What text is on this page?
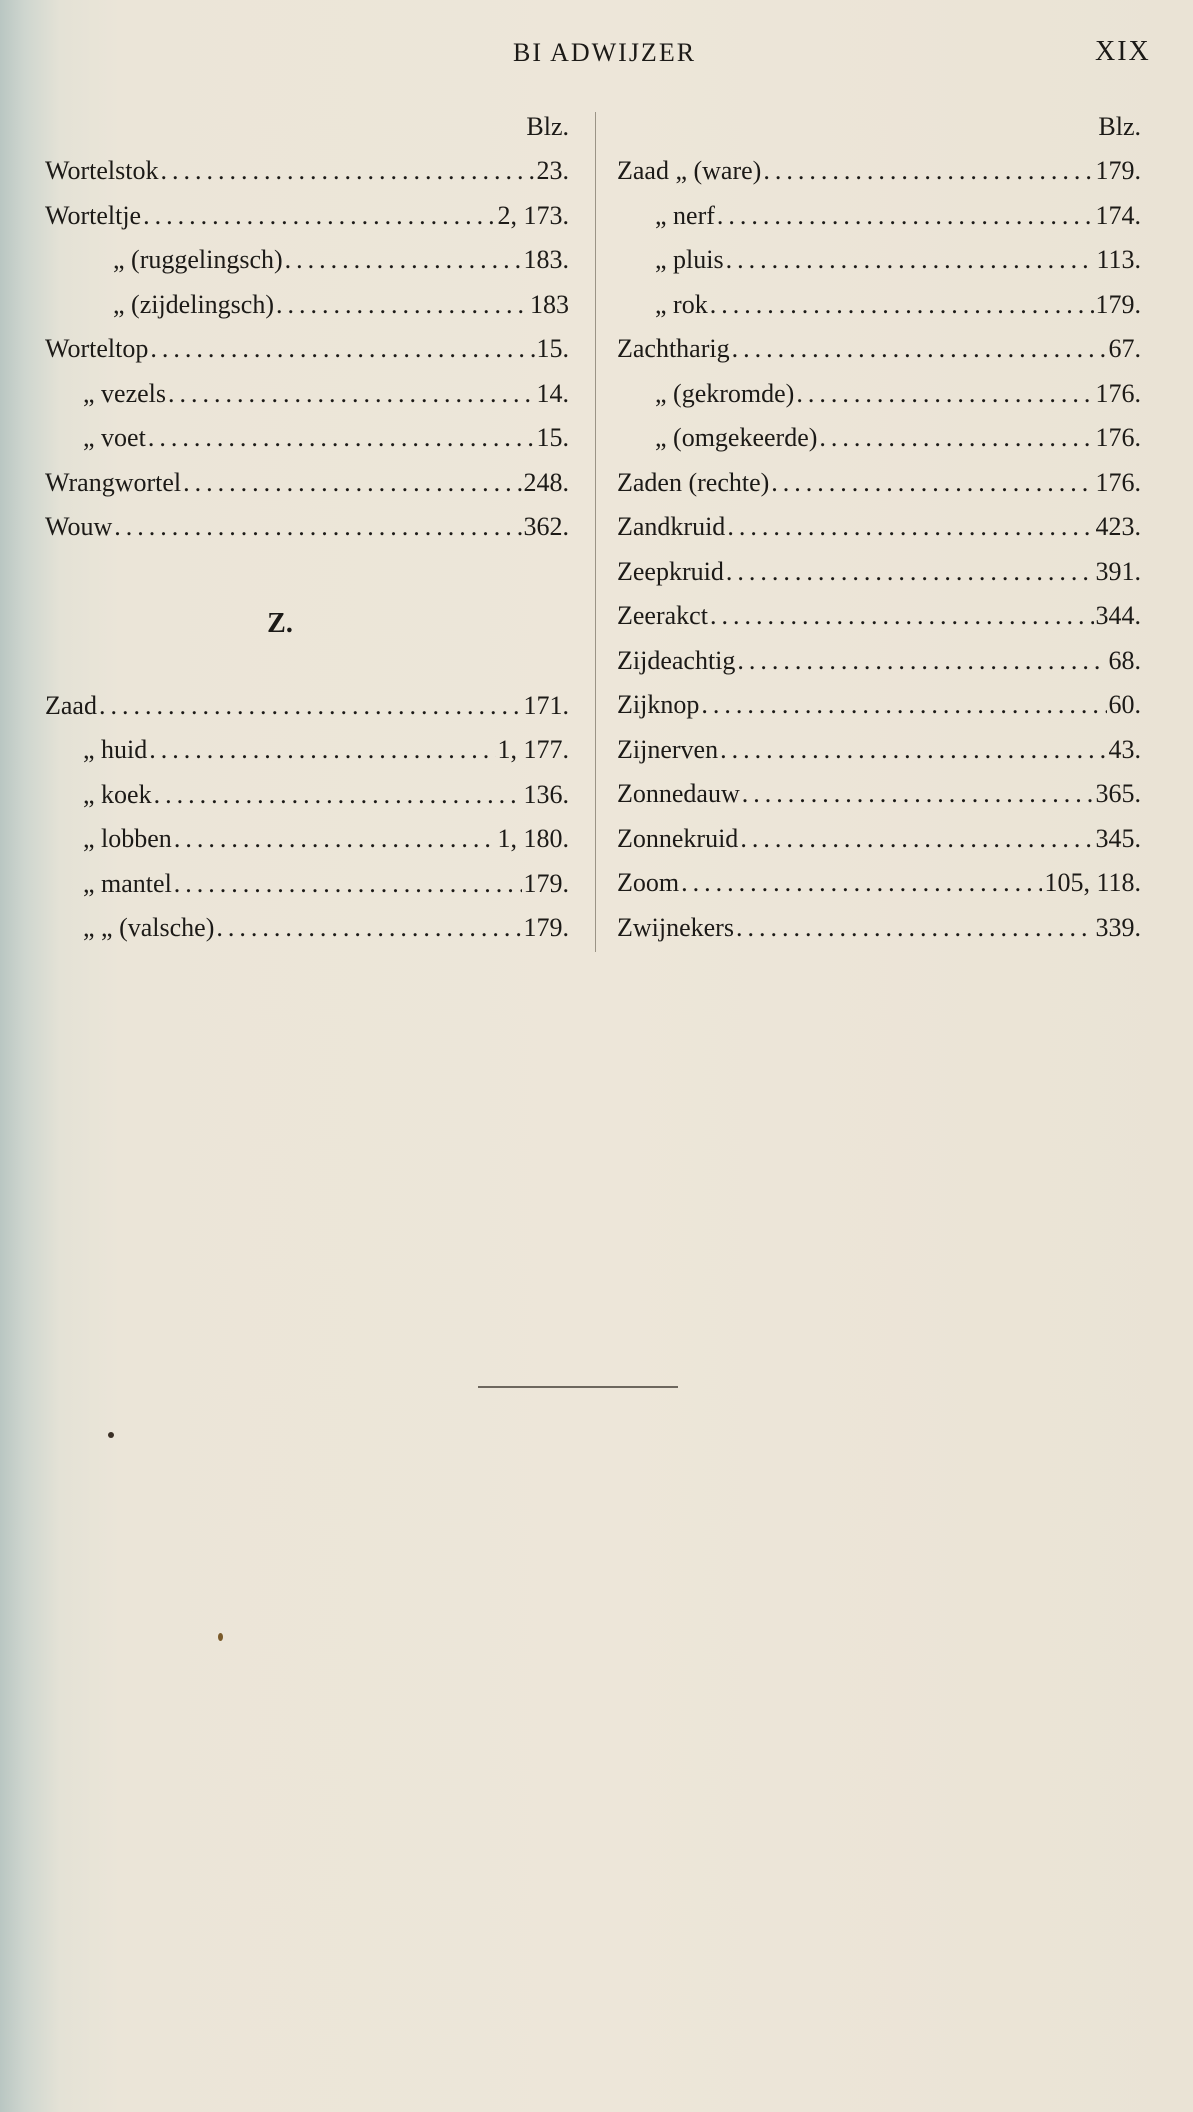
BI ADWIJZER	XIX
Blz.
Wortelstok .....	23.
Worteltje .....	2, 173.
„ (ruggelingsch) .....	183.
„ (zijdelingsch) .....	183
Worteltop .....	15.
„ vezels .....	14.
„ voet .....	15.
Wrangwortel .....	248.
Wouw .....	362.
Z.
Zaad .....	171.
„ huid .....	1, 177.
„ koek .....	136.
„ lobben .....	1, 180.
„ mantel .....	179.
„ „ (valsche) .....	179.
Blz.
Zaad „ (ware) .....	179.
„ nerf .....	174.
„ pluis .....	113.
„ rok .....	179.
Zachtharig .....	67.
„ (gekromde) .....	176.
„ (omgekeerde) .....	176.
Zaden (rechte) .....	176.
Zandkruid .....	423.
Zeepkruid .....	391.
Zeerakct .....	344.
Zijdeachtig .....	68.
Zijknop .....	60.
Zijnerven .....	43.
Zonnedauw .....	365.
Zonnekruid .....	345.
Zoom .....	105, 118.
Zwijnekers .....	339.
